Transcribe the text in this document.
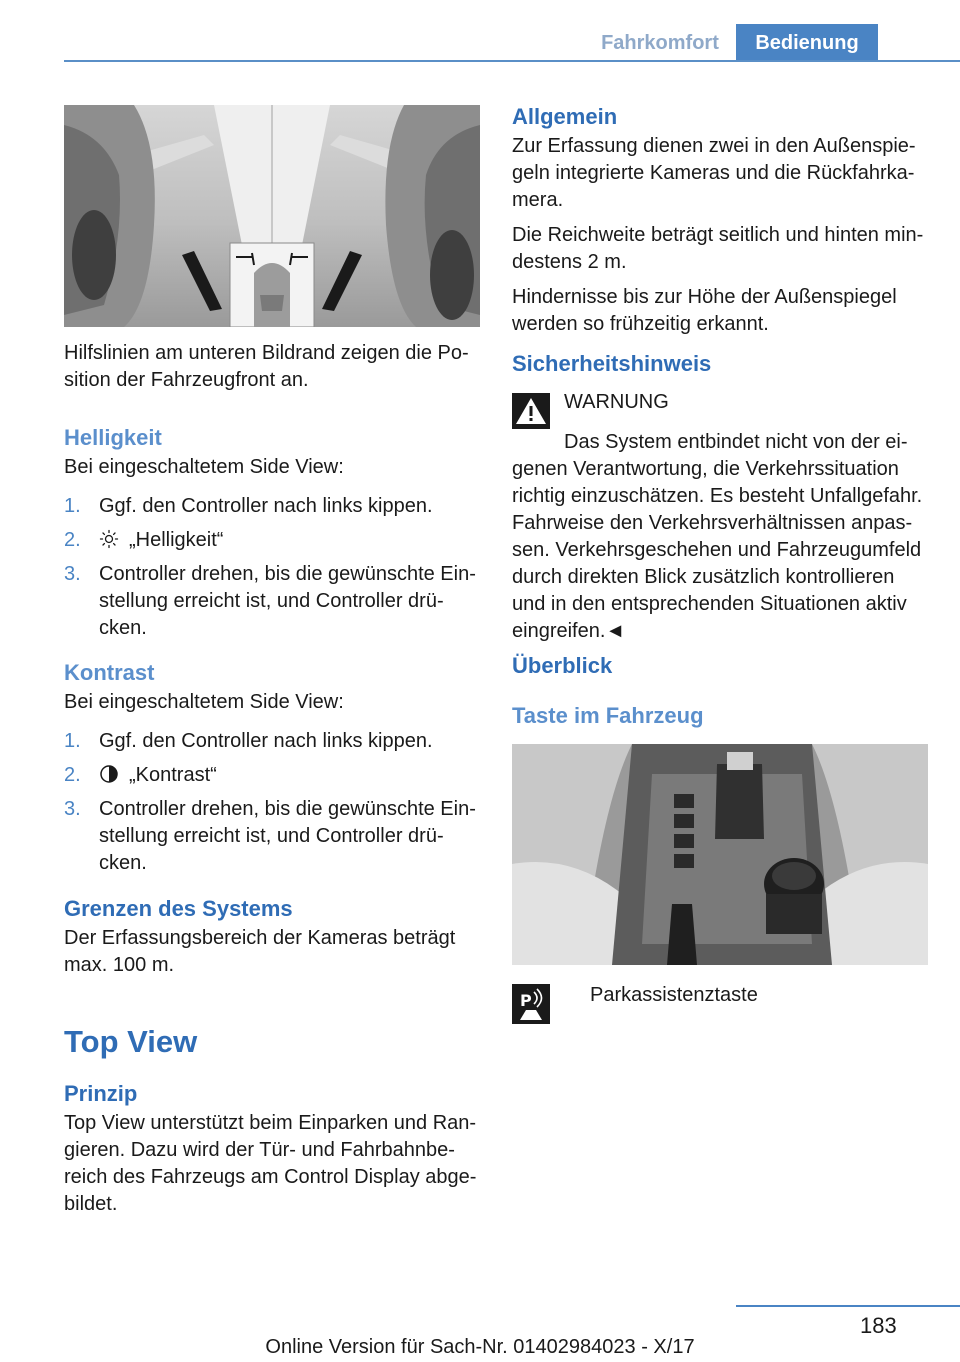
Fahrkomfort	Bedienung

Hilfslinien am unteren Bildrand zeigen die Po-sition der Fahrzeugfront an.

Helligkeit

Bei eingeschaltetem Side View:

1. Ggf. den Controller nach links kippen.
2. „Helligkeit“
3. Controller drehen, bis die gewünschte Ein-stellung erreicht ist, und Controller drü-cken.

Kontrast

Bei eingeschaltetem Side View:

1. Ggf. den Controller nach links kippen.
2. „Kontrast“
3. Controller drehen, bis die gewünschte Ein-stellung erreicht ist, und Controller drü-cken.

Grenzen des Systems

Der Erfassungsbereich der Kameras beträgt max. 100 m.

Top View

Prinzip

Top View unterstützt beim Einparken und Ran-gieren. Dazu wird der Tür- und Fahrbahnbe-reich des Fahrzeugs am Control Display abge-bildet.

Allgemein

Zur Erfassung dienen zwei in den Außenspie-geln integrierte Kameras und die Rückfahrka-mera.

Die Reichweite beträgt seitlich und hinten min-destens 2 m.

Hindernisse bis zur Höhe der Außenspiegel werden so frühzeitig erkannt.

Sicherheitshinweis

WARNUNG

Das System entbindet nicht von der ei-genen Verantwortung, die Verkehrssituation richtig einzuschätzen. Es besteht Unfallgefahr. Fahrweise den Verkehrsverhältnissen anpas-sen. Verkehrsgeschehen und Fahrzeugumfeld durch direkten Blick zusätzlich kontrollieren und in den entsprechenden Situationen aktiv eingreifen.◄

Überblick

Taste im Fahrzeug

P	Parkassistenztaste

183
Online Version für Sach-Nr. 01402984023 - X/17
